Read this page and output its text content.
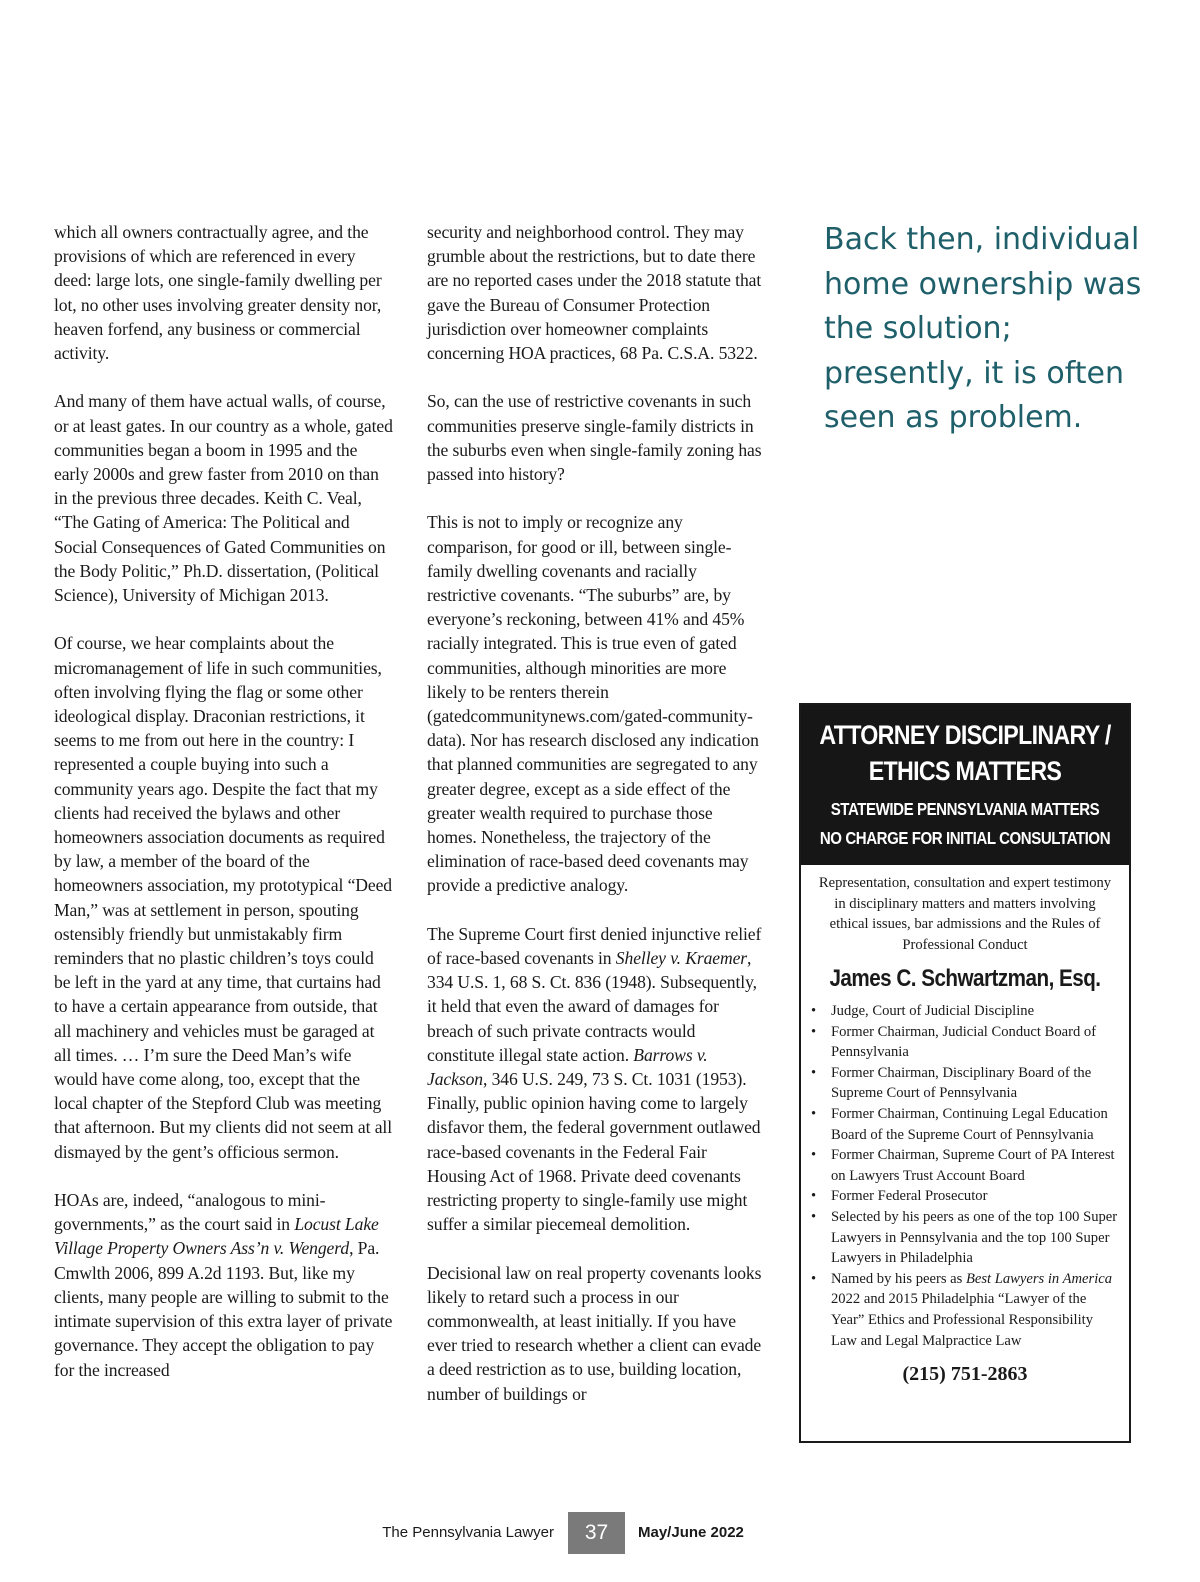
which all owners contractually agree, and the provisions of which are referenced in every deed: large lots, one single-family dwelling per lot, no other uses involving greater density nor, heaven forfend, any business or commercial activity.

And many of them have actual walls, of course, or at least gates. In our country as a whole, gated communities began a boom in 1995 and the early 2000s and grew faster from 2010 on than in the previous three decades. Keith C. Veal, “The Gating of America: The Political and Social Consequences of Gated Communities on the Body Politic,” Ph.D. dissertation, (Political Science), University of Michigan 2013.

Of course, we hear complaints about the micromanagement of life in such communities, often involving flying the flag or some other ideological display. Draconian restrictions, it seems to me from out here in the country: I represented a couple buying into such a community years ago. Despite the fact that my clients had received the bylaws and other homeowners association documents as required by law, a member of the board of the homeowners association, my prototypical “Deed Man,” was at settlement in person, spouting ostensibly friendly but unmistakably firm reminders that no plastic children’s toys could be left in the yard at any time, that curtains had to have a certain appearance from outside, that all machinery and vehicles must be garaged at all times. … I’m sure the Deed Man’s wife would have come along, too, except that the local chapter of the Stepford Club was meeting that afternoon. But my clients did not seem at all dismayed by the gent’s officious sermon.

HOAs are, indeed, “analogous to mini-governments,” as the court said in Locust Lake Village Property Owners Ass’n v. Wengerd, Pa. Cmwlth 2006, 899 A.2d 1193. But, like my clients, many people are willing to submit to the intimate supervision of this extra layer of private governance. They accept the obligation to pay for the increased

security and neighborhood control. They may grumble about the restrictions, but to date there are no reported cases under the 2018 statute that gave the Bureau of Consumer Protection jurisdiction over homeowner complaints concerning HOA practices, 68 Pa. C.S.A. 5322.

So, can the use of restrictive covenants in such communities preserve single-family districts in the suburbs even when single-family zoning has passed into history?

This is not to imply or recognize any comparison, for good or ill, between single-family dwelling covenants and racially restrictive covenants. “The suburbs” are, by everyone’s reckoning, between 41% and 45% racially integrated. This is true even of gated communities, although minorities are more likely to be renters therein (gatedcommunitynews.com/gated-community-data). Nor has research disclosed any indication that planned communities are segregated to any greater degree, except as a side effect of the greater wealth required to purchase those homes. Nonetheless, the trajectory of the elimination of race-based deed covenants may provide a predictive analogy.

The Supreme Court first denied injunctive relief of race-based covenants in Shelley v. Kraemer, 334 U.S. 1, 68 S. Ct. 836 (1948). Subsequently, it held that even the award of damages for breach of such private contracts would constitute illegal state action. Barrows v. Jackson, 346 U.S. 249, 73 S. Ct. 1031 (1953). Finally, public opinion having come to largely disfavor them, the federal government outlawed race-based covenants in the Federal Fair Housing Act of 1968. Private deed covenants restricting property to single-family use might suffer a similar piecemeal demolition.

Decisional law on real property covenants looks likely to retard such a process in our commonwealth, at least initially. If you have ever tried to research whether a client can evade a deed restriction as to use, building location, number of buildings or

Back then, individual home ownership was the solution; presently, it is often seen as problem.

ATTORNEY DISCIPLINARY /
ETHICS MATTERS
STATEWIDE PENNSYLVANIA MATTERS
NO CHARGE FOR INITIAL CONSULTATION
Representation, consultation and expert testimony in disciplinary matters and matters involving ethical issues, bar admissions and the Rules of Professional Conduct
James C. Schwartzman, Esq.
• Judge, Court of Judicial Discipline
• Former Chairman, Judicial Conduct Board of Pennsylvania
• Former Chairman, Disciplinary Board of the Supreme Court of Pennsylvania
• Former Chairman, Continuing Legal Education Board of the Supreme Court of Pennsylvania
• Former Chairman, Supreme Court of PA Interest on Lawyers Trust Account Board
• Former Federal Prosecutor
• Selected by his peers as one of the top 100 Super Lawyers in Pennsylvania and the top 100 Super Lawyers in Philadelphia
• Named by his peers as Best Lawyers in America 2022 and 2015 Philadelphia “Lawyer of the Year” Ethics and Professional Responsibility Law and Legal Malpractice Law
(215) 751-2863
The Pennsylvania Lawyer	37	May/June 2022
